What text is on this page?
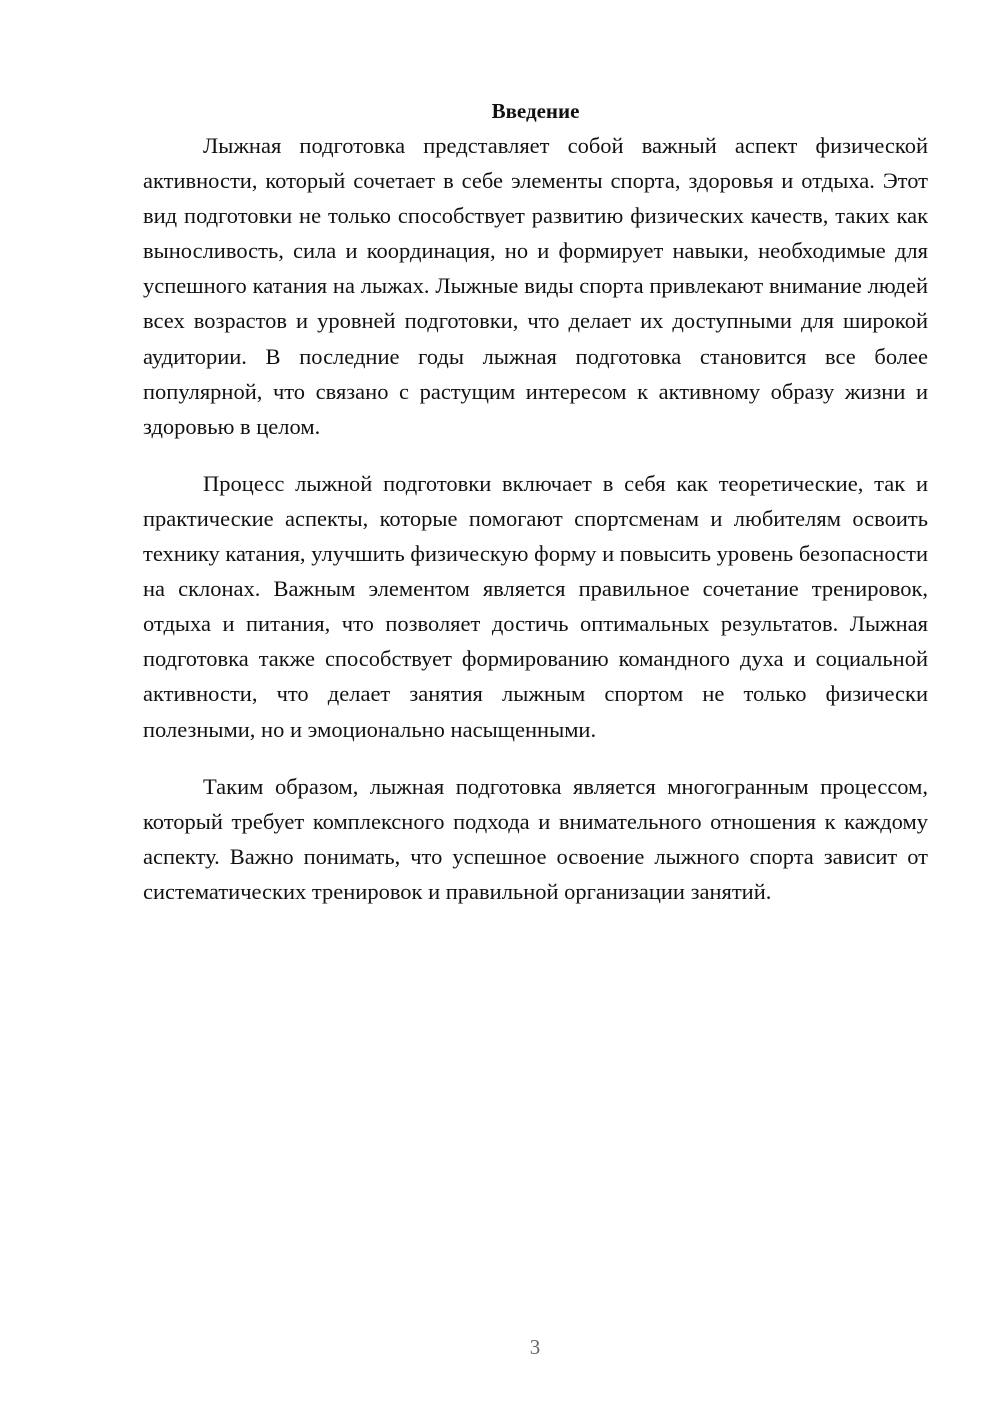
Введение

Лыжная подготовка представляет собой важный аспект физической активности, который сочетает в себе элементы спорта, здоровья и отдыха. Этот вид подготовки не только способствует развитию физических качеств, таких как выносливость, сила и координация, но и формирует навыки, необходимые для успешного катания на лыжах. Лыжные виды спорта привлекают внимание людей всех возрастов и уровней подготовки, что делает их доступными для широкой аудитории. В последние годы лыжная подготовка становится все более популярной, что связано с растущим интересом к активному образу жизни и здоровью в целом.

Процесс лыжной подготовки включает в себя как теоретические, так и практические аспекты, которые помогают спортсменам и любителям освоить технику катания, улучшить физическую форму и повысить уровень безопасности на склонах. Важным элементом является правильное сочетание тренировок, отдыха и питания, что позволяет достичь оптимальных результатов. Лыжная подготовка также способствует формированию командного духа и социальной активности, что делает занятия лыжным спортом не только физически полезными, но и эмоционально насыщенными.

Таким образом, лыжная подготовка является многогранным процессом, который требует комплексного подхода и внимательного отношения к каждому аспекту. Важно понимать, что успешное освоение лыжного спорта зависит от систематических тренировок и правильной организации занятий.

3
